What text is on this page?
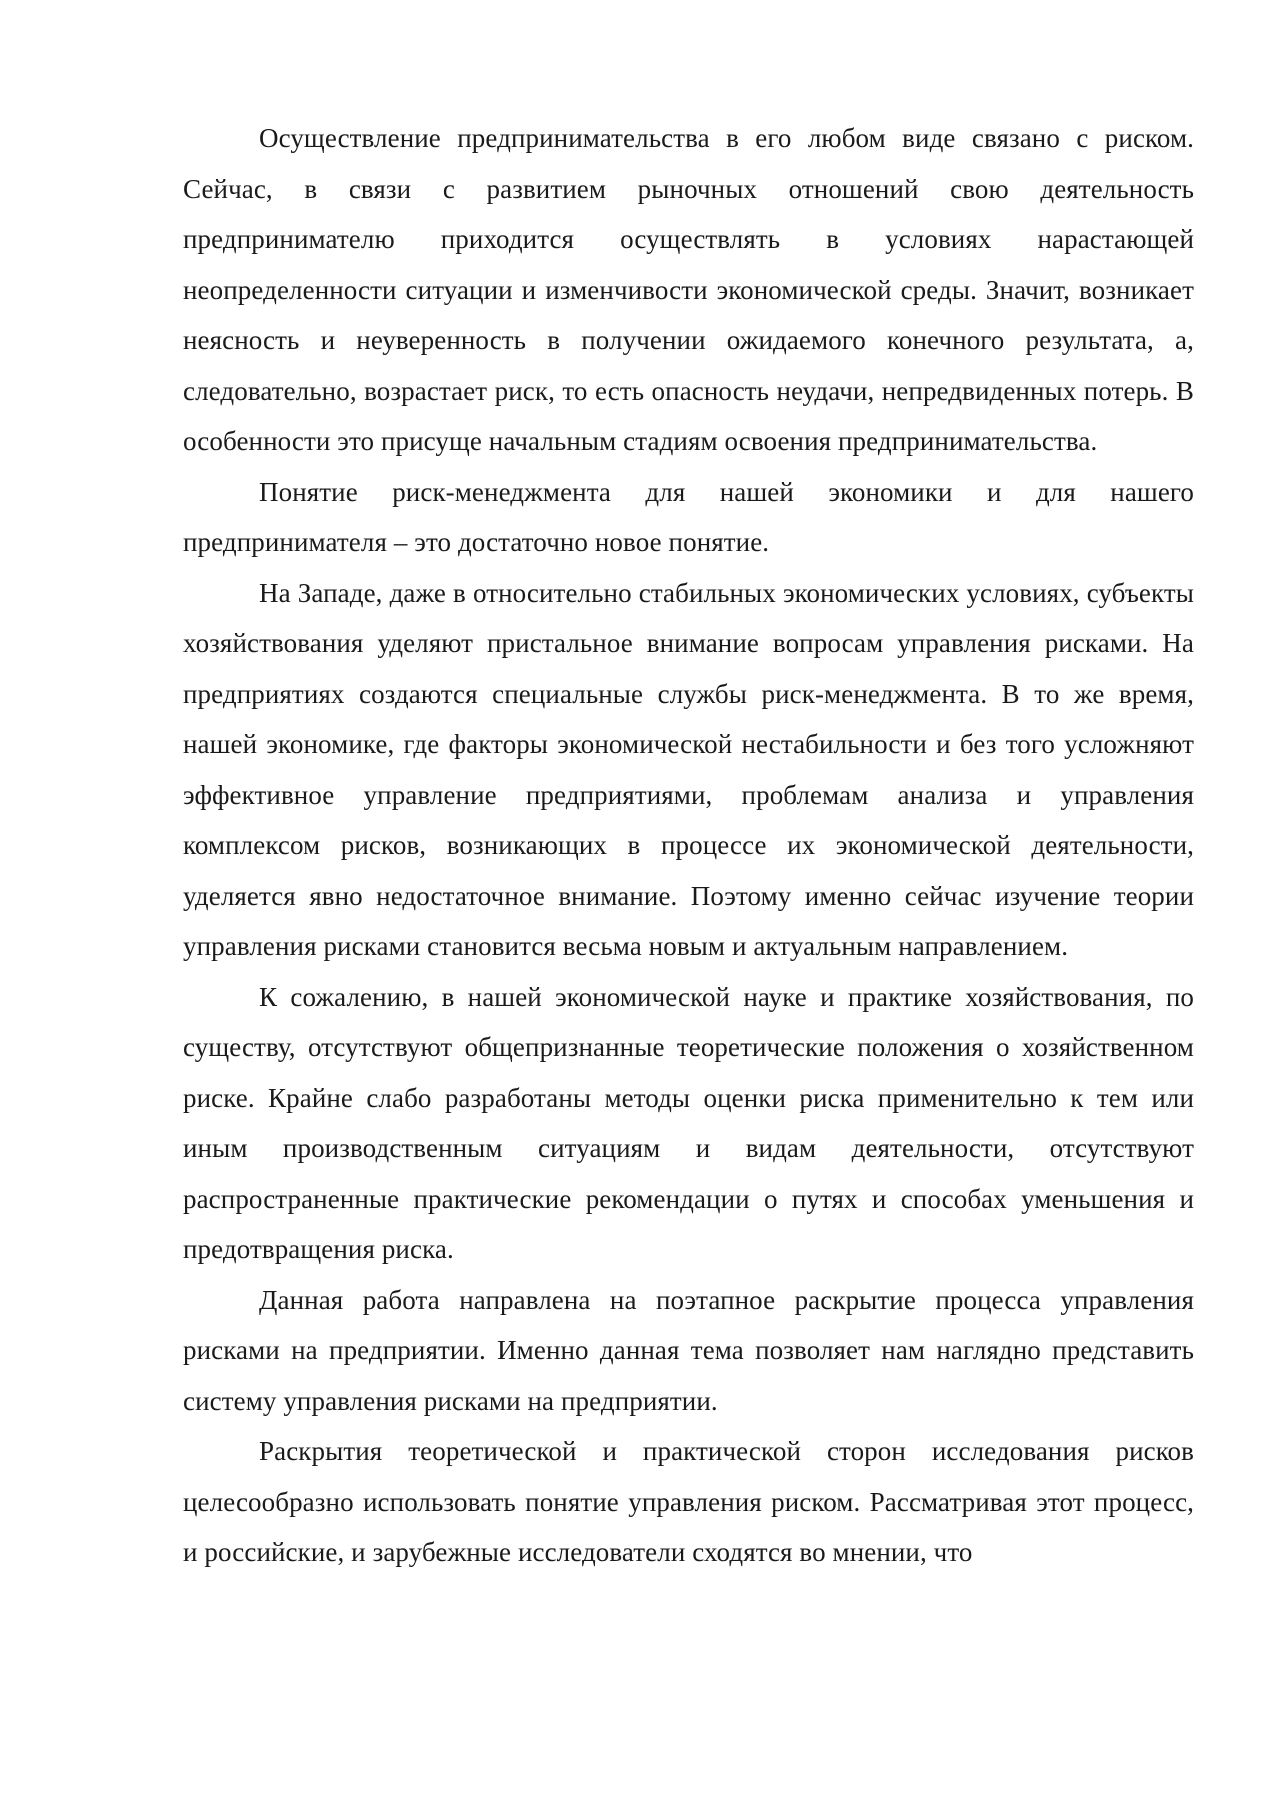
Осуществление предпринимательства в его любом виде связано с риском. Сейчас, в связи с развитием рыночных отношений свою деятельность предпринимателю приходится осуществлять в условиях нарастающей неопределенности ситуации и изменчивости экономической среды. Значит, возникает неясность и неуверенность в получении ожидаемого конечного результата, а, следовательно, возрастает риск, то есть опасность неудачи, непредвиденных потерь. В особенности это присуще начальным стадиям освоения предпринимательства.

Понятие риск-менеджмента для нашей экономики и для нашего предпринимателя – это достаточно новое понятие.

На Западе, даже в относительно стабильных экономических условиях, субъекты хозяйствования уделяют пристальное внимание вопросам управления рисками. На предприятиях создаются специальные службы риск-менеджмента. В то же время, нашей экономике, где факторы экономической нестабильности и без того усложняют эффективное управление предприятиями, проблемам анализа и управления комплексом рисков, возникающих в процессе их экономической деятельности, уделяется явно недостаточное внимание. Поэтому именно сейчас изучение теории управления рисками становится весьма новым и актуальным направлением.

К сожалению, в нашей экономической науке и практике хозяйствования, по существу, отсутствуют общепризнанные теоретические положения о хозяйственном риске. Крайне слабо разработаны методы оценки риска применительно к тем или иным производственным ситуациям и видам деятельности, отсутствуют распространенные практические рекомендации о путях и способах уменьшения и предотвращения риска.

Данная работа направлена на поэтапное раскрытие процесса управления рисками на предприятии. Именно данная тема позволяет нам наглядно представить систему управления рисками на предприятии.

Раскрытия теоретической и практической сторон исследования рисков целесообразно использовать понятие управления риском. Рассматривая этот процесс, и российские, и зарубежные исследователи сходятся во мнении, что
